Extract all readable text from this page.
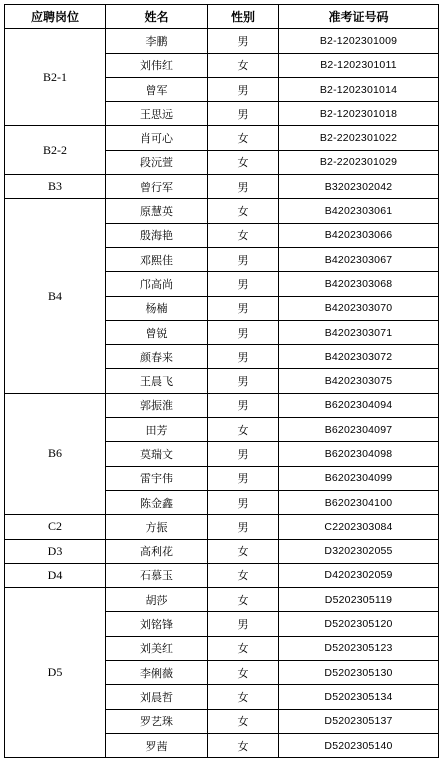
应聘岗位	姓名	性别	准考证号码
B2-1	李鹏	男	B2-1202301009
	刘伟红	女	B2-1202301011
	曾军	男	B2-1202301014
	王思远	男	B2-1202301018
B2-2	肖可心	女	B2-2202301022
	段沅萱	女	B2-2202301029
B3	曾行军	男	B3202302042
B4	原慧英	女	B4202303061
	殷海艳	女	B4202303066
	邓熙佳	男	B4202303067
	邝高尚	男	B4202303068
	杨楠	男	B4202303070
	曾锐	男	B4202303071
	颜春来	男	B4202303072
	王晨飞	男	B4202303075
B6	郭振淮	男	B6202304094
	田芳	女	B6202304097
	莫瑞文	男	B6202304098
	雷宇伟	男	B6202304099
	陈金鑫	男	B6202304100
C2	方振	男	C2202303084
D3	高利花	女	D3202302055
D4	石慕玉	女	D4202302059
D5	胡莎	女	D5202305119
	刘铭锋	男	D5202305120
	刘美红	女	D5202305123
	李俐薇	女	D5202305130
	刘晨哲	女	D5202305134
	罗艺珠	女	D5202305137
	罗茜	女	D5202305140
